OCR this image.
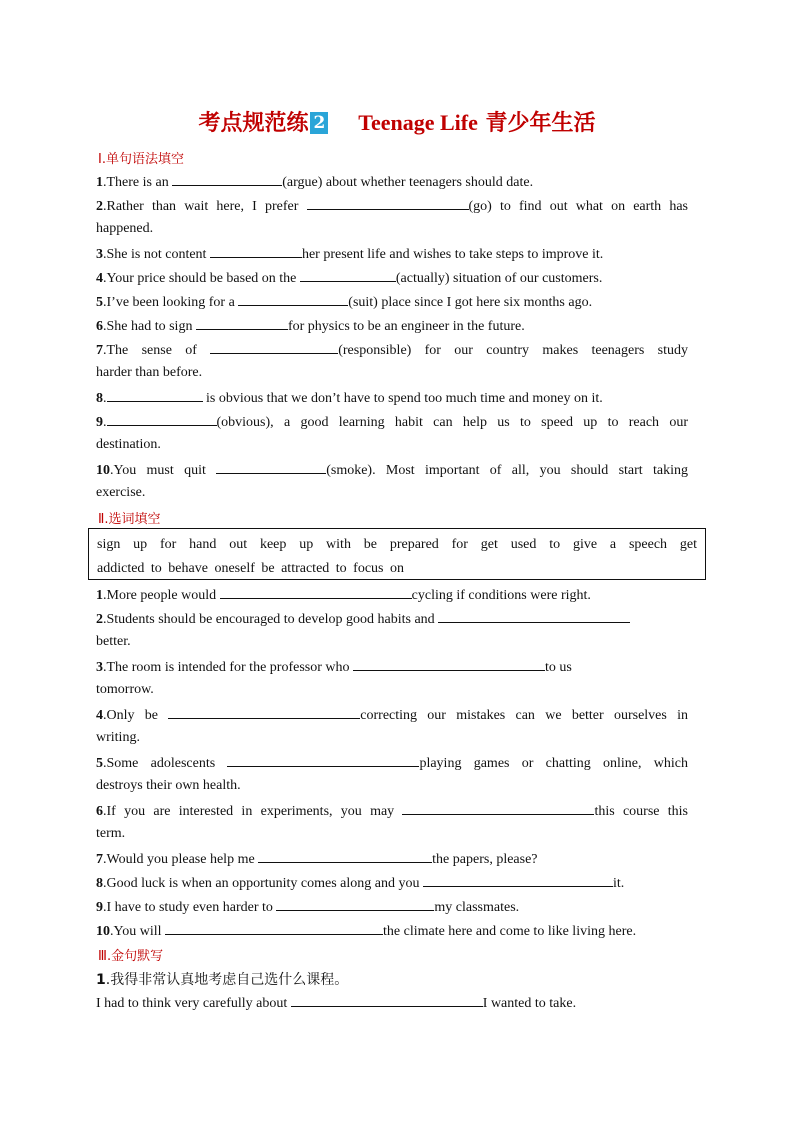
考点规范练 2 Teenage Life 青少年生活
Ⅰ.单句语法填空
1.There is an	(argue) about whether teenagers should date.
2.Rather than wait here, I prefer	(go) to find out what on earth has
happened.
3.She is not content	her present life and wishes to take steps to improve it.
4.Your price should be based on the	(actually) situation of our customers.
5.I’ve been looking for a	(suit) place since I got here six months ago.
6.She had to sign	for physics to be an engineer in the future.
7.The sense of	(responsible) for our country makes teenagers study
harder than before.
8.	is obvious that we don’t have to spend too much time and money on it.
9.	(obvious), a good learning habit can help us to speed up to reach our
destination.
10.You must quit	(smoke). Most important of all, you should start taking
exercise.
Ⅱ.选词填空
sign up for hand out keep up with be prepared for get used to give a speech get
addicted to behave oneself be attracted to focus on
1.More people would	cycling if conditions were right.
2.Students should be encouraged to develop good habits and
better.
3.The room is intended for the professor who	to us
tomorrow.
4.Only be	correcting our mistakes can we better ourselves in
writing.
5.Some adolescents	playing games or chatting online, which
destroys their own health.
6.If you are interested in experiments, you may	this course this
term.
7.Would you please help me	the papers, please?
8.Good luck is when an opportunity comes along and you	it.
9.I have to study even harder to	my classmates.
10.You will	the climate here and come to like living here.
Ⅲ.金句默写
1.我得非常认真地考虑自己选什么课程。
I had to think very carefully about	I wanted to take.
